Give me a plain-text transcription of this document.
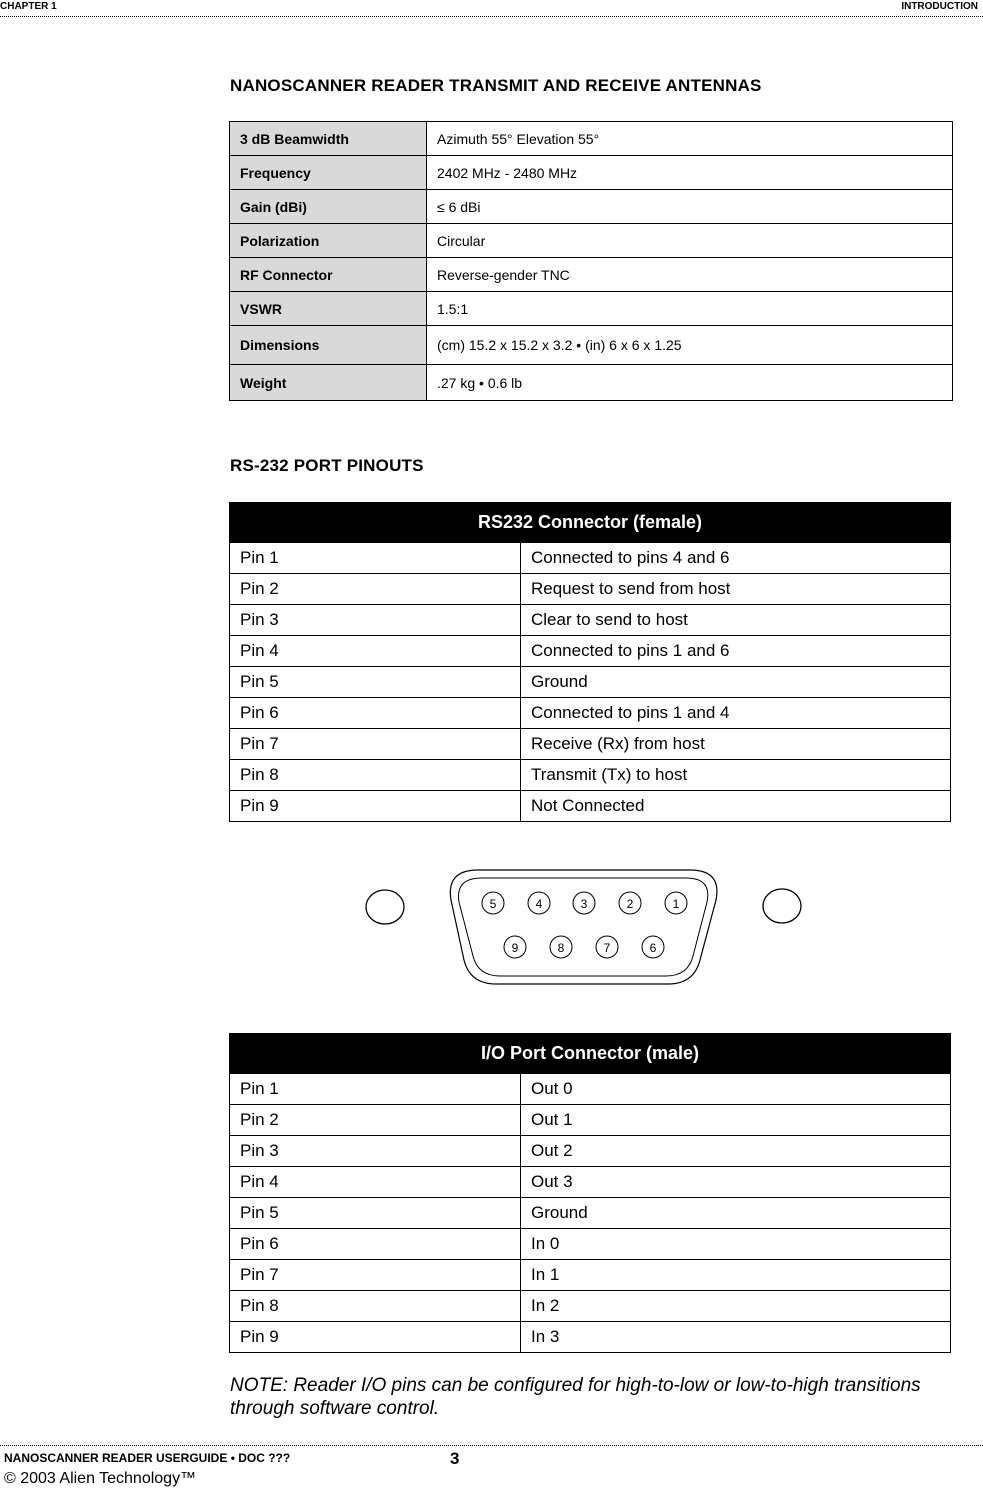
CHAPTER 1	INTRODUCTION
NANOSCANNER READER TRANSMIT AND RECEIVE ANTENNAS
3 dB Beamwidth	Azimuth 55° Elevation 55°
Frequency	2402 MHz - 2480 MHz
Gain (dBi)	≤ 6 dBi
Polarization	Circular
RF Connector	Reverse-gender TNC
VSWR	1.5:1
Dimensions	(cm) 15.2 x 15.2 x 3.2 • (in) 6 x 6 x 1.25
Weight	.27 kg • 0.6 lb
RS-232 PORT PINOUTS
RS232 Connector (female)	
Pin 1	Connected to pins 4 and 6
Pin 2	Request to send from host
Pin 3	Clear to send to host
Pin 4	Connected to pins 1 and 6
Pin 5	Ground
Pin 6	Connected to pins 1 and 4
Pin 7	Receive (Rx) from host
Pin 8	Transmit (Tx) to host
Pin 9	Not Connected
5	4	3	2	1
9	8	7	6
I/O Port Connector (male)	
Pin 1	Out 0
Pin 2	Out 1
Pin 3	Out 2
Pin 4	Out 3
Pin 5	Ground
Pin 6	In 0
Pin 7	In 1
Pin 8	In 2
Pin 9	In 3
NOTE: Reader I/O pins can be configured for high-to-low or low-to-high transitions through software control.
NANOSCANNER READER USERGUIDE • DOC ???	3
© 2003 Alien Technology™
